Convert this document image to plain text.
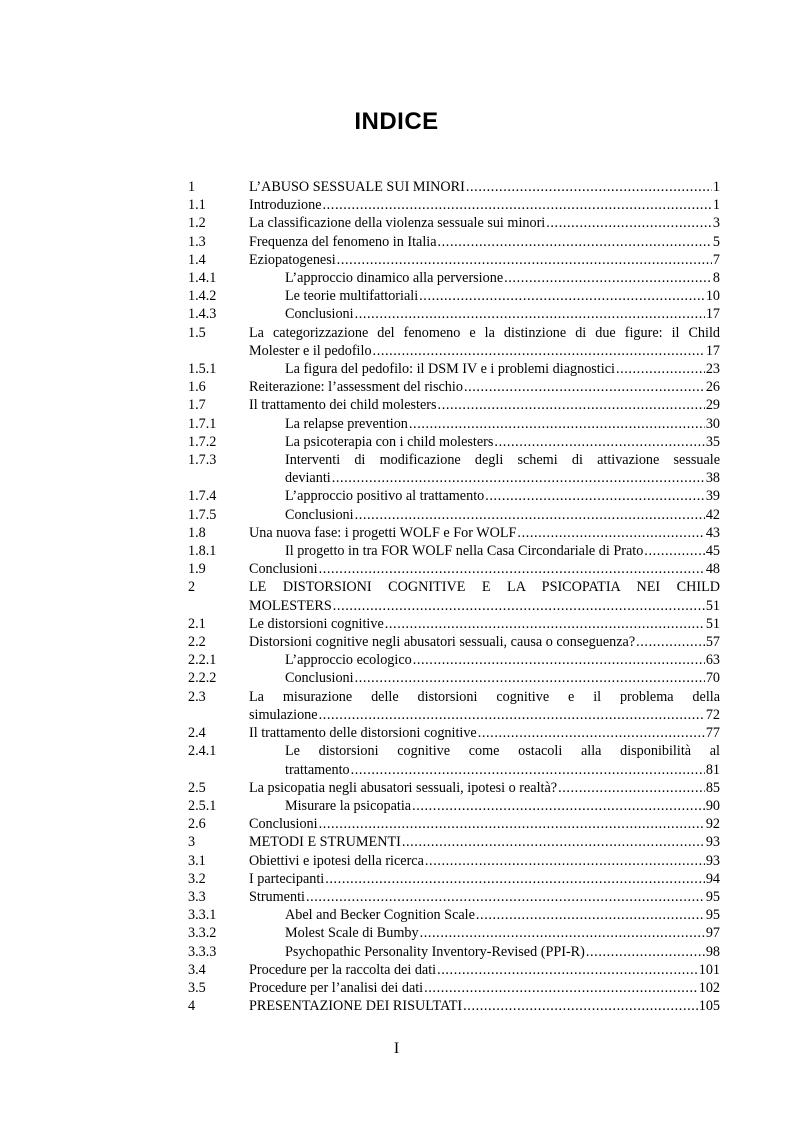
INDICE
1	L’ABUSO SESSUALE SUI MINORI .....	1
1.1	Introduzione .....	1
1.2	La classificazione della violenza sessuale sui minori .....	3
1.3	Frequenza del fenomeno in Italia .....	5
1.4	Eziopatogenesi .....	7
1.4.1	L’approccio dinamico alla perversione .....	8
1.4.2	Le teorie multifattoriali .....	10
1.4.3	Conclusioni .....	17
1.5	La categorizzazione del fenomeno e la distinzione di due figure: il Child
Molester e il pedofilo .....	17
1.5.1	La figura del pedofilo: il DSM IV e i problemi diagnostici .....	23
1.6	Reiterazione: l’assessment del rischio .....	26
1.7	Il trattamento dei child molesters .....	29
1.7.1	La relapse prevention .....	30
1.7.2	La psicoterapia con i child molesters .....	35
1.7.3	Interventi di modificazione degli schemi di attivazione sessuale
devianti .....	38
1.7.4	L’approccio positivo al trattamento .....	39
1.7.5	Conclusioni .....	42
1.8	Una nuova fase: i progetti WOLF e For WOLF .....	43
1.8.1	Il progetto in tra FOR WOLF nella Casa Circondariale di Prato .....	45
1.9	Conclusioni .....	48
2	LE DISTORSIONI COGNITIVE E LA PSICOPATIA NEI CHILD
MOLESTERS .....	51
2.1	Le distorsioni cognitive .....	51
2.2	Distorsioni cognitive negli abusatori sessuali, causa o conseguenza? .....	57
2.2.1	L’approccio ecologico .....	63
2.2.2	Conclusioni .....	70
2.3	La misurazione delle distorsioni cognitive e il problema della
simulazione .....	72
2.4	Il trattamento delle distorsioni cognitive .....	77
2.4.1	Le distorsioni cognitive come ostacoli alla disponibilità al
trattamento .....	81
2.5	La psicopatia negli abusatori sessuali, ipotesi o realtà? .....	85
2.5.1	Misurare la psicopatia .....	90
2.6	Conclusioni .....	92
3	METODI E STRUMENTI .....	93
3.1	Obiettivi e ipotesi della ricerca .....	93
3.2	I partecipanti .....	94
3.3	Strumenti .....	95
3.3.1	Abel and Becker Cognition Scale .....	95
3.3.2	Molest Scale di Bumby .....	97
3.3.3	Psychopathic Personality Inventory-Revised (PPI-R) .....	98
3.4	Procedure per la raccolta dei dati .....	101
3.5	Procedure per l’analisi dei dati .....	102
4	PRESENTAZIONE DEI RISULTATI .....	105
I
